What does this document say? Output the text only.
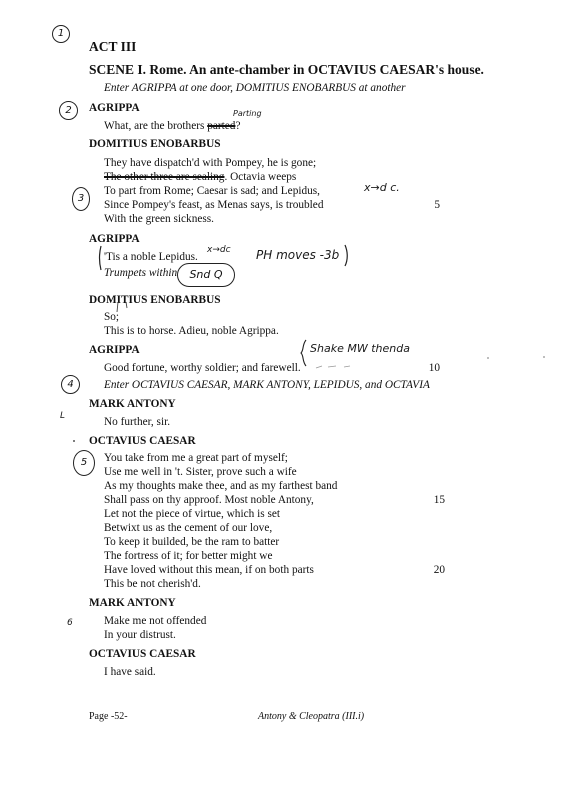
1
2
3
4
5
ACT III
SCENE I. Rome. An ante-chamber in OCTAVIUS CAESAR's house.
Enter AGRIPPA at one door, DOMITIUS ENOBARBUS at another
AGRIPPA	Parting
What, are the brothers parted?
DOMITIUS ENOBARBUS
They have dispatch'd with Pompey, he is gone;
The other three are sealing. Octavia weeps
To part from Rome; Caesar is sad; and Lepidus,	x→d c.
Since Pompey's feast, as Menas says, is troubled	5
With the green sickness.
AGRIPPA
'Tis a noble Lepidus.
x→dc PH moves -3b
Trumpets within	Snd Q
DOMITIUS ENOBARBUS
So;
This is to horse. Adieu, noble Agrippa.
AGRIPPA	Shake MW thenda
Good fortune, worthy soldier; and farewell.	10
Enter OCTAVIUS CAESAR, MARK ANTONY, LEPIDUS, and OCTAVIA
MARK ANTONY
L	No further, sir.
OCTAVIUS CAESAR
You take from me a great part of myself;
Use me well in 't. Sister, prove such a wife
As my thoughts make thee, and as my farthest band
Shall pass on thy approof. Most noble Antony,	15
Let not the piece of virtue, which is set
Betwixt us as the cement of our love,
To keep it builded, be the ram to batter
The fortress of it; for better might we
Have loved without this mean, if on both parts	20
This be not cherish'd.
MARK ANTONY
6	Make me not offended
In your distrust.
OCTAVIUS CAESAR
I have said.
Page -52-	Antony & Cleopatra (III.i)
